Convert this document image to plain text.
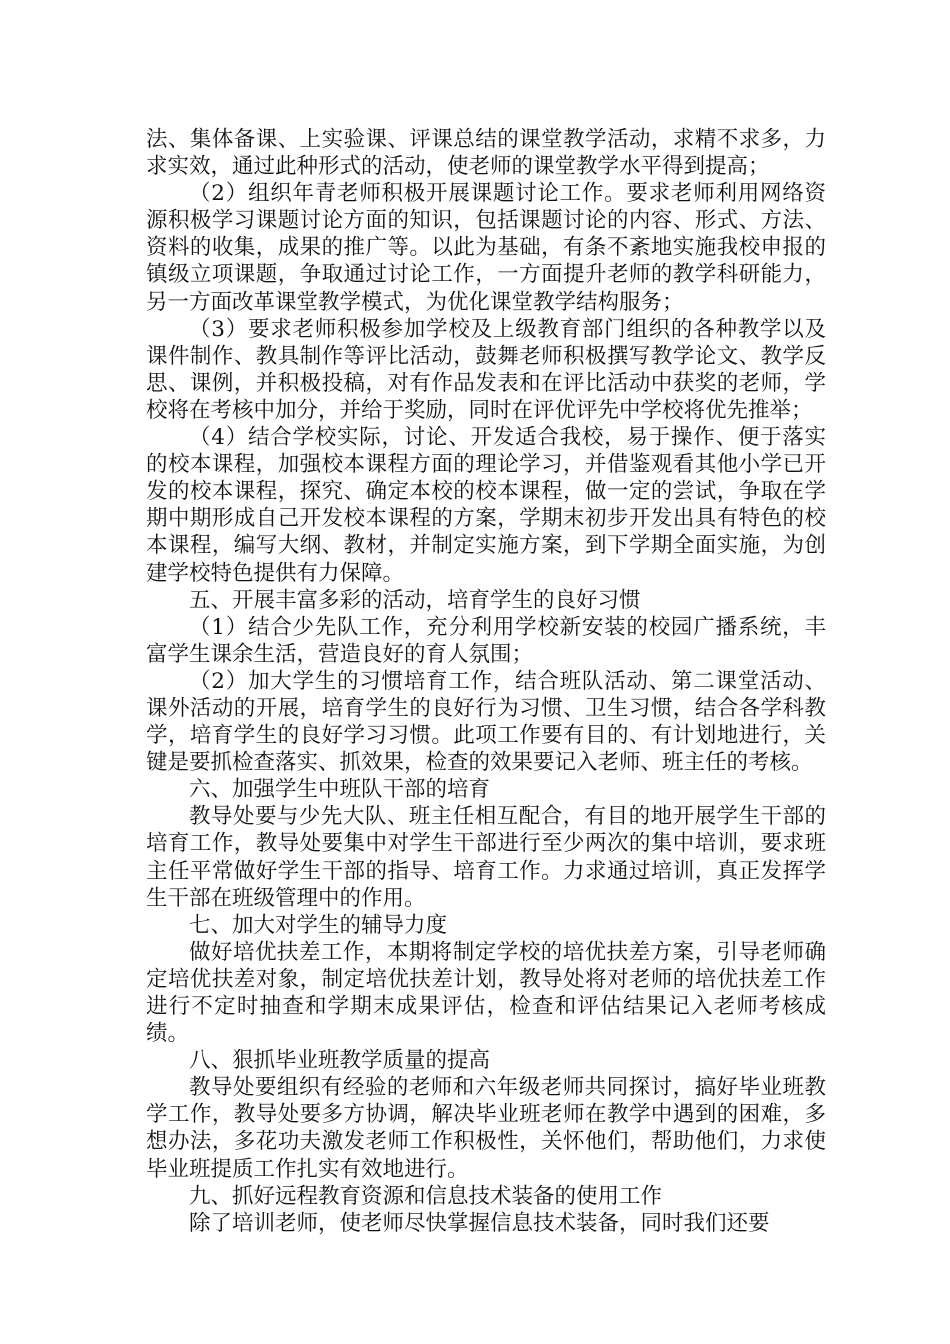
法、集体备课、上实验课、评课总结的课堂教学活动，求精不求多，力求实效，通过此种形式的活动，使老师的课堂教学水平得到提高；

（2）组织年青老师积极开展课题讨论工作。要求老师利用网络资源积极学习课题讨论方面的知识，包括课题讨论的内容、形式、方法、资料的收集，成果的推广等。以此为基础，有条不紊地实施我校申报的镇级立项课题，争取通过讨论工作，一方面提升老师的教学科研能力，另一方面改革课堂教学模式，为优化课堂教学结构服务；

（3）要求老师积极参加学校及上级教育部门组织的各种教学以及课件制作、教具制作等评比活动，鼓舞老师积极撰写教学论文、教学反思、课例，并积极投稿，对有作品发表和在评比活动中获奖的老师，学校将在考核中加分，并给于奖励，同时在评优评先中学校将优先推举；

（4）结合学校实际，讨论、开发适合我校，易于操作、便于落实的校本课程，加强校本课程方面的理论学习，并借鉴观看其他小学已开发的校本课程，探究、确定本校的校本课程，做一定的尝试，争取在学期中期形成自己开发校本课程的方案，学期末初步开发出具有特色的校本课程，编写大纲、教材，并制定实施方案，到下学期全面实施，为创建学校特色提供有力保障。

五、开展丰富多彩的活动，培育学生的良好习惯

（1）结合少先队工作，充分利用学校新安装的校园广播系统，丰富学生课余生活，营造良好的育人氛围；

（2）加大学生的习惯培育工作，结合班队活动、第二课堂活动、课外活动的开展，培育学生的良好行为习惯、卫生习惯，结合各学科教学，培育学生的良好学习习惯。此项工作要有目的、有计划地进行，关键是要抓检查落实、抓效果，检查的效果要记入老师、班主任的考核。

六、加强学生中班队干部的培育

教导处要与少先大队、班主任相互配合，有目的地开展学生干部的培育工作，教导处要集中对学生干部进行至少两次的集中培训，要求班主任平常做好学生干部的指导、培育工作。力求通过培训，真正发挥学生干部在班级管理中的作用。

七、加大对学生的辅导力度

做好培优扶差工作，本期将制定学校的培优扶差方案，引导老师确定培优扶差对象，制定培优扶差计划，教导处将对老师的培优扶差工作进行不定时抽查和学期末成果评估，检查和评估结果记入老师考核成绩。

八、狠抓毕业班教学质量的提高

教导处要组织有经验的老师和六年级老师共同探讨，搞好毕业班教学工作，教导处要多方协调，解决毕业班老师在教学中遇到的困难，多想办法，多花功夫激发老师工作积极性，关怀他们，帮助他们，力求使毕业班提质工作扎实有效地进行。

九、抓好远程教育资源和信息技术装备的使用工作

除了培训老师，使老师尽快掌握信息技术装备，同时我们还要
